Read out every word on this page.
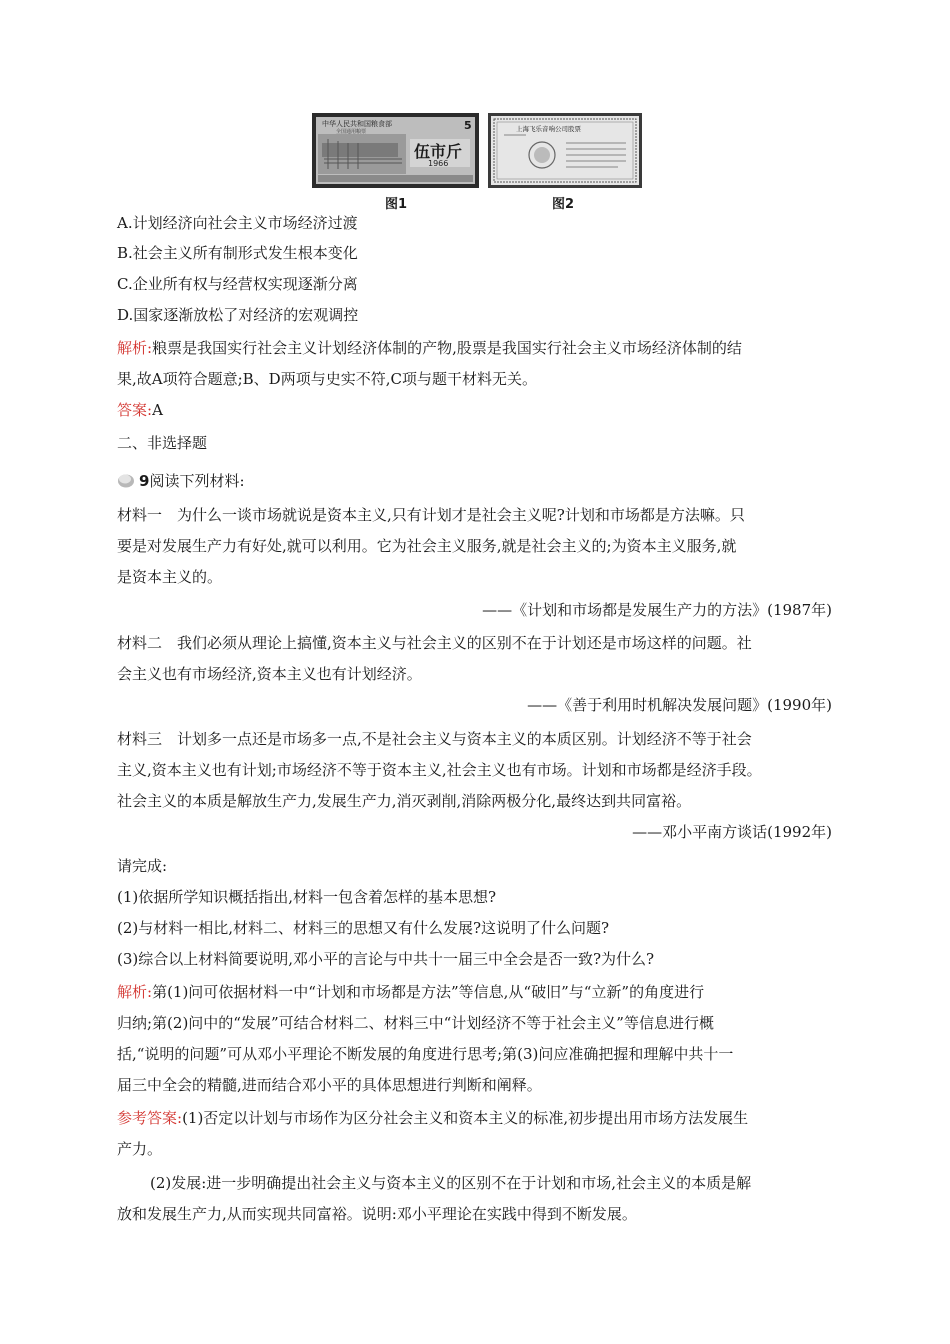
中华人民共和国粮食部
全国通用粮票	5
伍市斤
1966
上海飞乐音响公司股票
图1	图2
A.计划经济向社会主义市场经济过渡
B.社会主义所有制形式发生根本变化
C.企业所有权与经营权实现逐渐分离
D.国家逐渐放松了对经济的宏观调控
解析:粮票是我国实行社会主义计划经济体制的产物,股票是我国实行社会主义市场经济体制的结
果,故A项符合题意;B、D两项与史实不符,C项与题干材料无关。
答案:A
二、非选择题
9阅读下列材料:
材料一　为什么一谈市场就说是资本主义,只有计划才是社会主义呢?计划和市场都是方法嘛。只
要是对发展生产力有好处,就可以利用。它为社会主义服务,就是社会主义的;为资本主义服务,就
是资本主义的。
——《计划和市场都是发展生产力的方法》(1987年)
材料二　我们必须从理论上搞懂,资本主义与社会主义的区别不在于计划还是市场这样的问题。社
会主义也有市场经济,资本主义也有计划经济。
——《善于利用时机解决发展问题》(1990年)
材料三　计划多一点还是市场多一点,不是社会主义与资本主义的本质区别。计划经济不等于社会
主义,资本主义也有计划;市场经济不等于资本主义,社会主义也有市场。计划和市场都是经济手段。
社会主义的本质是解放生产力,发展生产力,消灭剥削,消除两极分化,最终达到共同富裕。
——邓小平南方谈话(1992年)
请完成:
(1)依据所学知识概括指出,材料一包含着怎样的基本思想?
(2)与材料一相比,材料二、材料三的思想又有什么发展?这说明了什么问题?
(3)综合以上材料简要说明,邓小平的言论与中共十一届三中全会是否一致?为什么?
解析:第(1)问可依据材料一中“计划和市场都是方法”等信息,从“破旧”与“立新”的角度进行
归纳;第(2)问中的“发展”可结合材料二、材料三中“计划经济不等于社会主义”等信息进行概
括,“说明的问题”可从邓小平理论不断发展的角度进行思考;第(3)问应准确把握和理解中共十一
届三中全会的精髓,进而结合邓小平的具体思想进行判断和阐释。
参考答案:(1)否定以计划与市场作为区分社会主义和资本主义的标准,初步提出用市场方法发展生
产力。
(2)发展:进一步明确提出社会主义与资本主义的区别不在于计划和市场,社会主义的本质是解
放和发展生产力,从而实现共同富裕。说明:邓小平理论在实践中得到不断发展。
